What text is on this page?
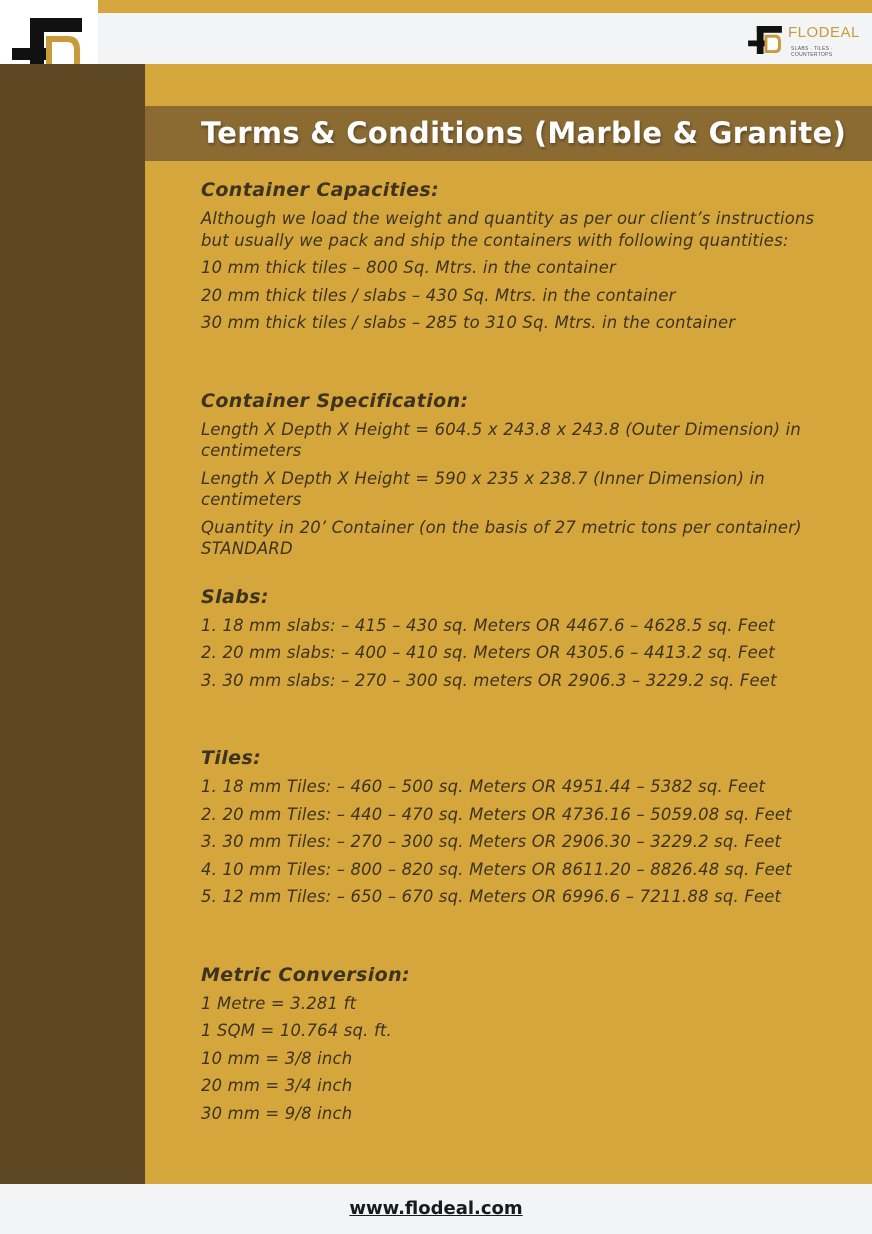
FLODEAL
SLABS · TILES · COUNTERTOPS
Terms & Conditions (Marble & Granite)
Container Capacities:

Although we load the weight and quantity as per our client’s instructions but usually we pack and ship the containers with following quantities:

10 mm thick tiles – 800 Sq. Mtrs. in the container

20 mm thick tiles / slabs – 430 Sq. Mtrs. in the container

30 mm thick tiles / slabs – 285 to 310 Sq. Mtrs. in the container

Container Specification:

Length X Depth X Height = 604.5 x 243.8 x 243.8 (Outer Dimension) in centimeters

Length X Depth X Height = 590 x 235 x 238.7 (Inner Dimension) in centimeters

Quantity in 20’ Container (on the basis of 27 metric tons per container) STANDARD

Slabs:

1. 18 mm slabs: – 415 – 430 sq. Meters OR 4467.6 – 4628.5 sq. Feet

2. 20 mm slabs: – 400 – 410 sq. Meters OR 4305.6 – 4413.2 sq. Feet

3. 30 mm slabs: – 270 – 300 sq. meters OR 2906.3 – 3229.2 sq. Feet

Tiles:

1. 18 mm Tiles: – 460 – 500 sq. Meters OR 4951.44 – 5382 sq. Feet

2. 20 mm Tiles: – 440 – 470 sq. Meters OR 4736.16 – 5059.08 sq. Feet

3. 30 mm Tiles: – 270 – 300 sq. Meters OR 2906.30 – 3229.2 sq. Feet

4. 10 mm Tiles: – 800 – 820 sq. Meters OR 8611.20 – 8826.48 sq. Feet

5. 12 mm Tiles: – 650 – 670 sq. Meters OR 6996.6 – 7211.88 sq. Feet

Metric Conversion:

1 Metre = 3.281 ft

1 SQM = 10.764 sq. ft.

10 mm = 3/8 inch

20 mm = 3/4 inch

30 mm = 9/8 inch

www.flodeal.com
